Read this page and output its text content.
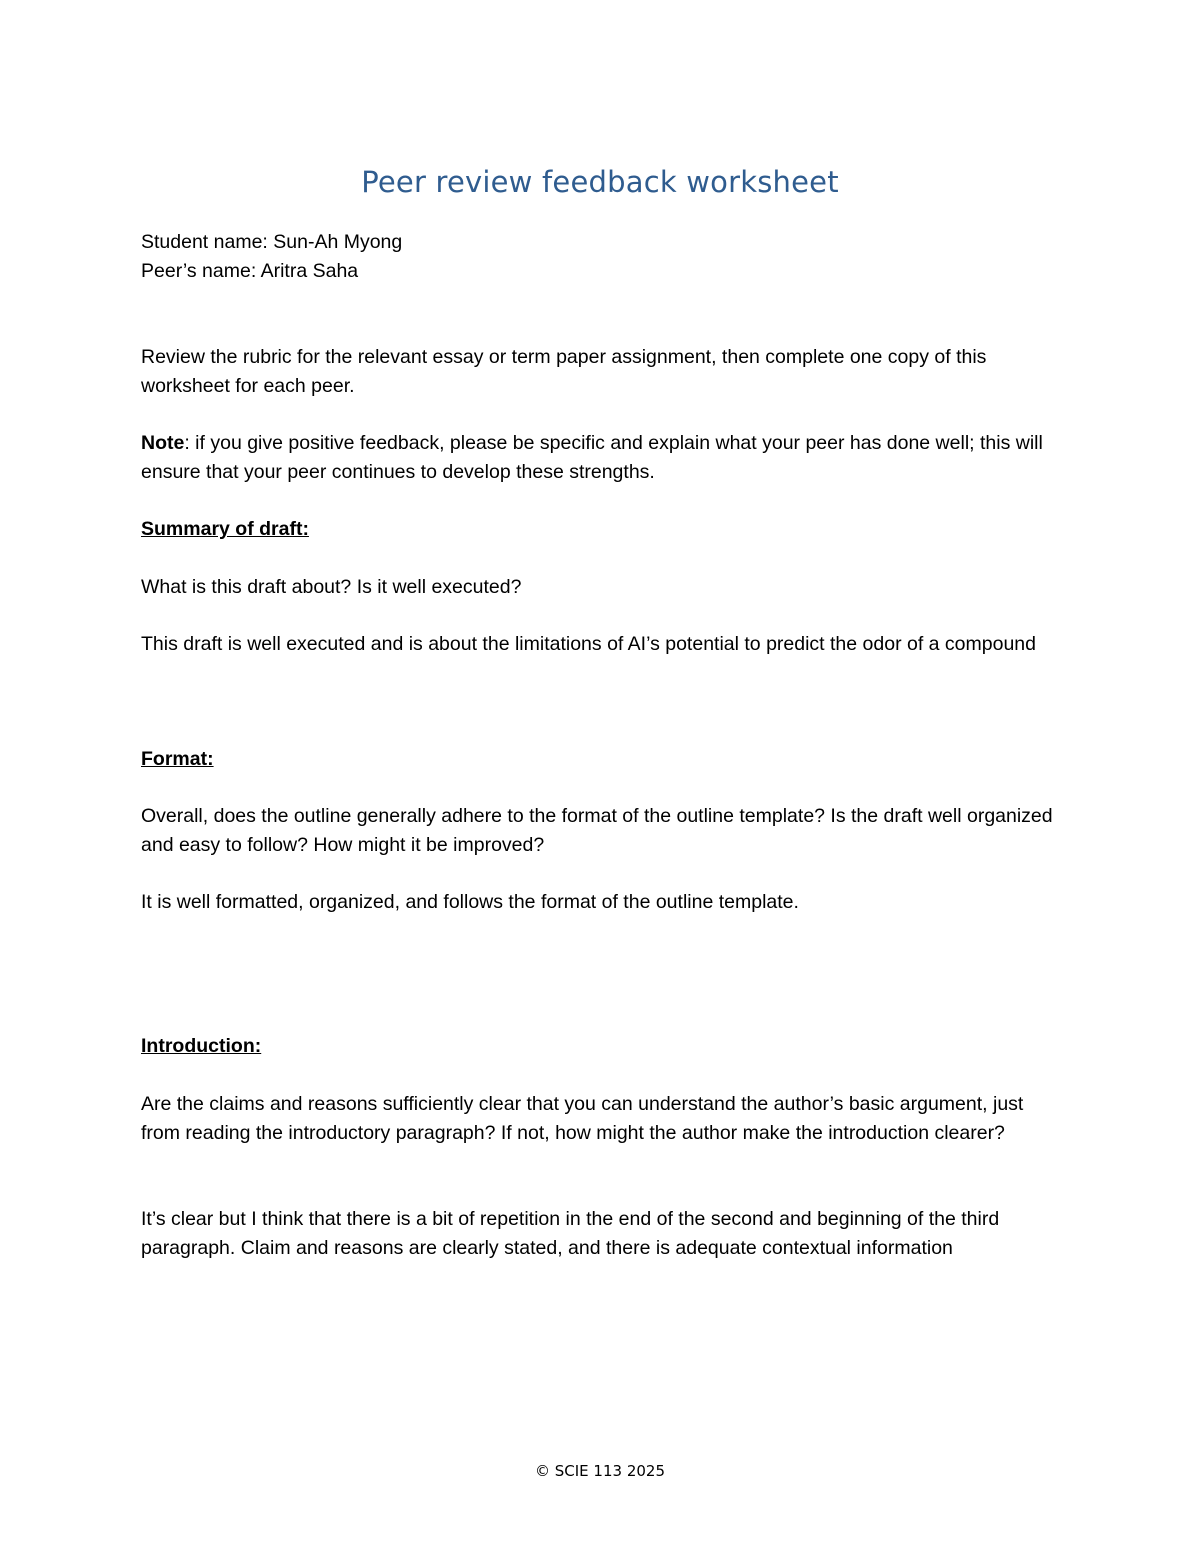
Peer review feedback worksheet

Student name: Sun-Ah Myong

Peer’s name: Aritra Saha

Review the rubric for the relevant essay or term paper assignment, then complete one copy of this worksheet for each peer.

Note: if you give positive feedback, please be specific and explain what your peer has done well; this will ensure that your peer continues to develop these strengths.

Summary of draft:

What is this draft about? Is it well executed?

This draft is well executed and is about the limitations of AI’s potential to predict the odor of a compound

Format:

Overall, does the outline generally adhere to the format of the outline template? Is the draft well organized and easy to follow? How might it be improved?

It is well formatted, organized, and follows the format of the outline template.

Introduction:

Are the claims and reasons sufficiently clear that you can understand the author’s basic argument, just from reading the introductory paragraph? If not, how might the author make the introduction clearer?

It’s clear but I think that there is a bit of repetition in the end of the second and beginning of the third paragraph. Claim and reasons are clearly stated, and there is adequate contextual information

© SCIE 113 2025
